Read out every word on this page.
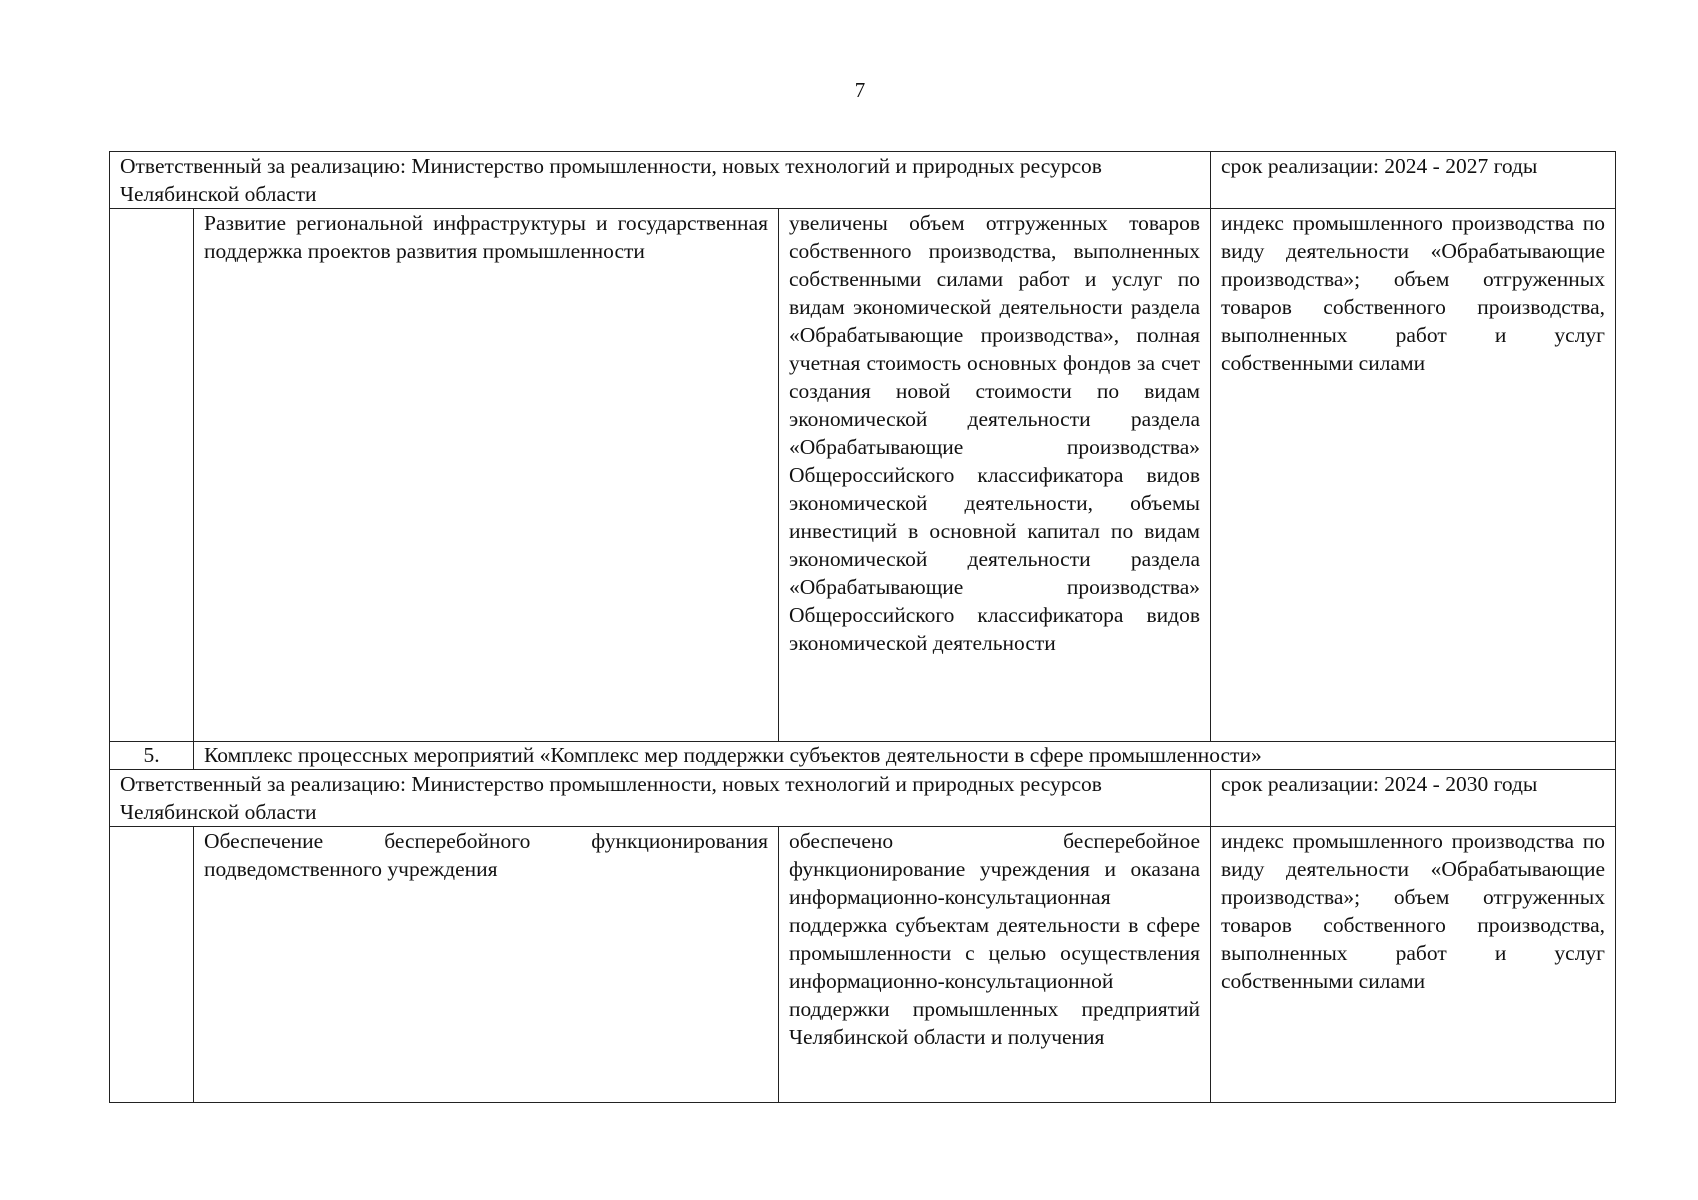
7
Ответственный за реализацию: Министерство промышленности, новых технологий и природных ресурсов Челябинской области			срок реализации: 2024 - 2027 годы
	Развитие региональной инфраструктуры и государственная поддержка проектов развития промышленности	увеличены объем отгруженных товаров собственного производства, выполненных собственными силами работ и услуг по видам экономической деятельности раздела «Обрабатывающие производства», полная учетная стоимость основных фондов за счет создания новой стоимости по видам экономической деятельности раздела «Обрабатывающие производства» Общероссийского классификатора видов экономической деятельности, объемы инвестиций в основной капитал по видам экономической деятельности раздела «Обрабатывающие производства» Общероссийского классификатора видов экономической деятельности	индекс промышленного производства по виду деятельности «Обрабатывающие производства»; объем отгруженных товаров собственного производства, выполненных работ и услуг собственными силами
5.	Комплекс процессных мероприятий «Комплекс мер поддержки субъектов деятельности в сфере промышленности»		
Ответственный за реализацию: Министерство промышленности, новых технологий и природных ресурсов Челябинской области			срок реализации: 2024 - 2030 годы
	Обеспечение бесперебойного функционирования подведомственного учреждения	обеспечено бесперебойное функционирование учреждения и оказана информационно-консультационная поддержка субъектам деятельности в сфере промышленности с целью осуществления информационно-консультационной поддержки промышленных предприятий Челябинской области и получения	индекс промышленного производства по виду деятельности «Обрабатывающие производства»; объем отгруженных товаров собственного производства, выполненных работ и услуг собственными силами
